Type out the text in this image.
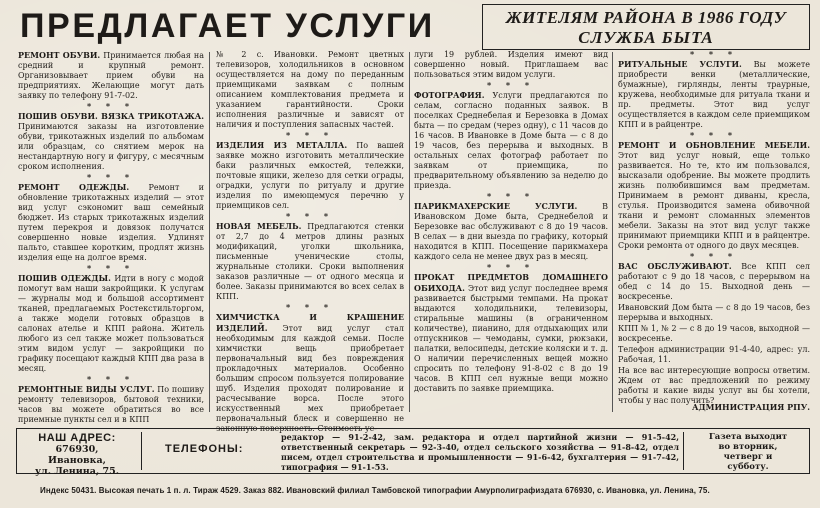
ПРЕДЛАГАЕТ УСЛУГИ	ЖИТЕЛЯМ РАЙОНА В 1986 ГОДУ
СЛУЖБА БЫТА

РЕМОНТ ОБУВИ. Принимается любая на средний и крупный ремонт. Организовывает прием обуви на предприятиях. Желающие могут дать заявку по телефону 91-7-02.

* * *

ПОШИВ ОБУВИ. ВЯЗКА ТРИКОТАЖА. Принимаются заказы на изготовление обуви, трикотажных изделий по альбомам или образцам, со снятием мерок на нестандартную ногу и фигуру, с месячным сроком исполнения.

* * *

РЕМОНТ ОДЕЖДЫ. Ремонт и обновление трикотажных изделий — этот вид услуг сэкономит ваш семейный бюджет. Из старых трикотажных изделий путем перекроя и довязок получатся совершенно новые изделия. Удлинят пальто, ставшее коротким, продлят жизнь изделия еще на долгое время.

* * *

ПОШИВ ОДЕЖДЫ. Идти в ногу с модой помогут вам наши закройщики. К услугам — журналы мод и большой ассортимент тканей, предлагаемых Ростекстильторгом, а также модели готовых образцов в салонах ателье и КПП района. Житель любого из сел также может пользоваться этим видом услуг — закройщики по графику посещают каждый КПП два раза в месяц.

* * *

РЕМОНТНЫЕ ВИДЫ УСЛУГ. По пошиву ремонту телевизоров, бытовой техники, часов вы можете обратиться во все приемные пункты сел и в КПП

№ 2 с. Ивановки. Ремонт цветных телевизоров, холодильников в основном осуществляется на дому по переданным приемщиками заявкам с полным описанием комплектования предмета и указанием гарантийности. Сроки исполнения различные и зависят от наличия и поступления запасных частей.

* * *

ИЗДЕЛИЯ ИЗ МЕТАЛЛА. По вашей заявке можно изготовить металлические баки различных емкостей, тележки, почтовые ящики, железо для сетки ограды, оградки, услуги по ритуалу и другие изделия по имеющемуся перечню у приемщиков сел.

* * *

НОВАЯ МЕБЕЛЬ. Предлагаются стенки от 2,7 до 4 метров длины разных модификаций, уголки школьника, письменные ученические столы, журнальные столики. Сроки выполнения заказов различные — от одного месяца и более. Заказы принимаются во всех селах в КПП.

* * *

ХИМЧИСТКА И КРАШЕНИЕ ИЗДЕЛИЙ. Этот вид услуг стал необходимым для каждой семьи. После химчистки вещь приобретает первоначальный вид без повреждения прокладочных материалов. Особенно большим спросом пользуется полирование шуб. Изделия проходят полирование и расчесывание ворса. После этого искусственный мех приобретает первоначальный блеск и совершенно не законную поверхность. Стоимость ус-

луги 19 рублей. Изделия имеют вид совершенно новый. Приглашаем вас пользоваться этим видом услуги.

* * *

ФОТОГРАФИЯ. Услуги предлагаются по селам, согласно поданных заявок. В поселках Среднебелая и Березовка в Домах быта — по средам (через одну), с 11 часов до 16 часов. В Ивановке в Доме быта — с 8 до 19 часов, без перерыва и выходных. В остальных селах фотограф работает по заявкам от приемщика, по предварительному объявлению за неделю до приезда.

* * *

ПАРИКМАХЕРСКИЕ УСЛУГИ. В Ивановском Доме быта, Среднебелой и Березовке вас обслуживают с 8 до 19 часов. В селах — в дни выезда по графику, который находится в КПП. Посещение парикмахера каждого села не менее двух раз в месяц.

* * *

ПРОКАТ ПРЕДМЕТОВ ДОМАШНЕГО ОБИХОДА. Этот вид услуг последнее время развивается быстрыми темпами. На прокат выдаются холодильники, телевизоры, стиральные машины (в ограниченном количестве), пианино, для отдыхающих или отпускников — чемоданы, сумки, рюкзаки, палатки, велосипеды, детские коляски и т. д. О наличии перечисленных вещей можно спросить по телефону 91-8-02 с 8 до 19 часов. В КПП сел нужные вещи можно доставить по заявке приемщика.

* * *

РИТУАЛЬНЫЕ УСЛУГИ. Вы можете приобрести венки (металлические, бумажные), гирлянды, ленты траурные, кружева, необходимые для ритуала ткани и пр. предметы. Этот вид услуг осуществляется в каждом селе приемщиком КПП и в райцентре.

* * *

РЕМОНТ И ОБНОВЛЕНИЕ МЕБЕЛИ. Этот вид услуг новый, еще только развивается. Но те, кто им пользовался, высказали одобрение. Вы можете продлить жизнь полюбившимся вам предметам. Принимаем в ремонт диваны, кресла, стулья. Производится замена обивочной ткани и ремонт сломанных элементов мебели. Заказы на этот вид услуг также принимают приемщики КПП и в райцентре. Сроки ремонта от одного до двух месяцев.

* * *

ВАС ОБСЛУЖИВАЮТ. Все КПП сел работают с 9 до 18 часов, с перерывом на обед с 14 до 15. Выходной день — воскресенье.

Ивановский Дом быта — с 8 до 19 часов, без перерыва и выходных.

КПП № 1, № 2 — с 8 до 19 часов, выходной — воскресенье.

Телефон администрации 91-4-40, адрес: ул. Рабочая, 11.

На все вас интересующие вопросы ответим. Ждем от вас предложений по режиму работы и какие виды услуг вы бы хотели, чтобы у нас получить?

АДМИНИСТРАЦИЯ РПУ.
НАШ АДРЕС:
676930, Ивановка,
ул. Ленина, 75.
ТЕЛЕФОНЫ:
редактор — 91-2-42, зам. редактора и отдел партийной жизни — 91-5-42, ответственный секретарь — 92-3-40, отдел сельского хозяйства — 91-8-42, отдел писем, отдел строительства и промышленности — 91-6-42, бухгалтерия — 91-7-42, типография — 91-1-53.
Газета выходит
во вторник,
четверг и
субботу.
Индекс 50431. Высокая печать 1 п. л. Тираж 4529. Заказ 882. Ивановский филиал Тамбовской типографии Амурполиграфиздата 676930, с. Ивановка, ул. Ленина, 75.
